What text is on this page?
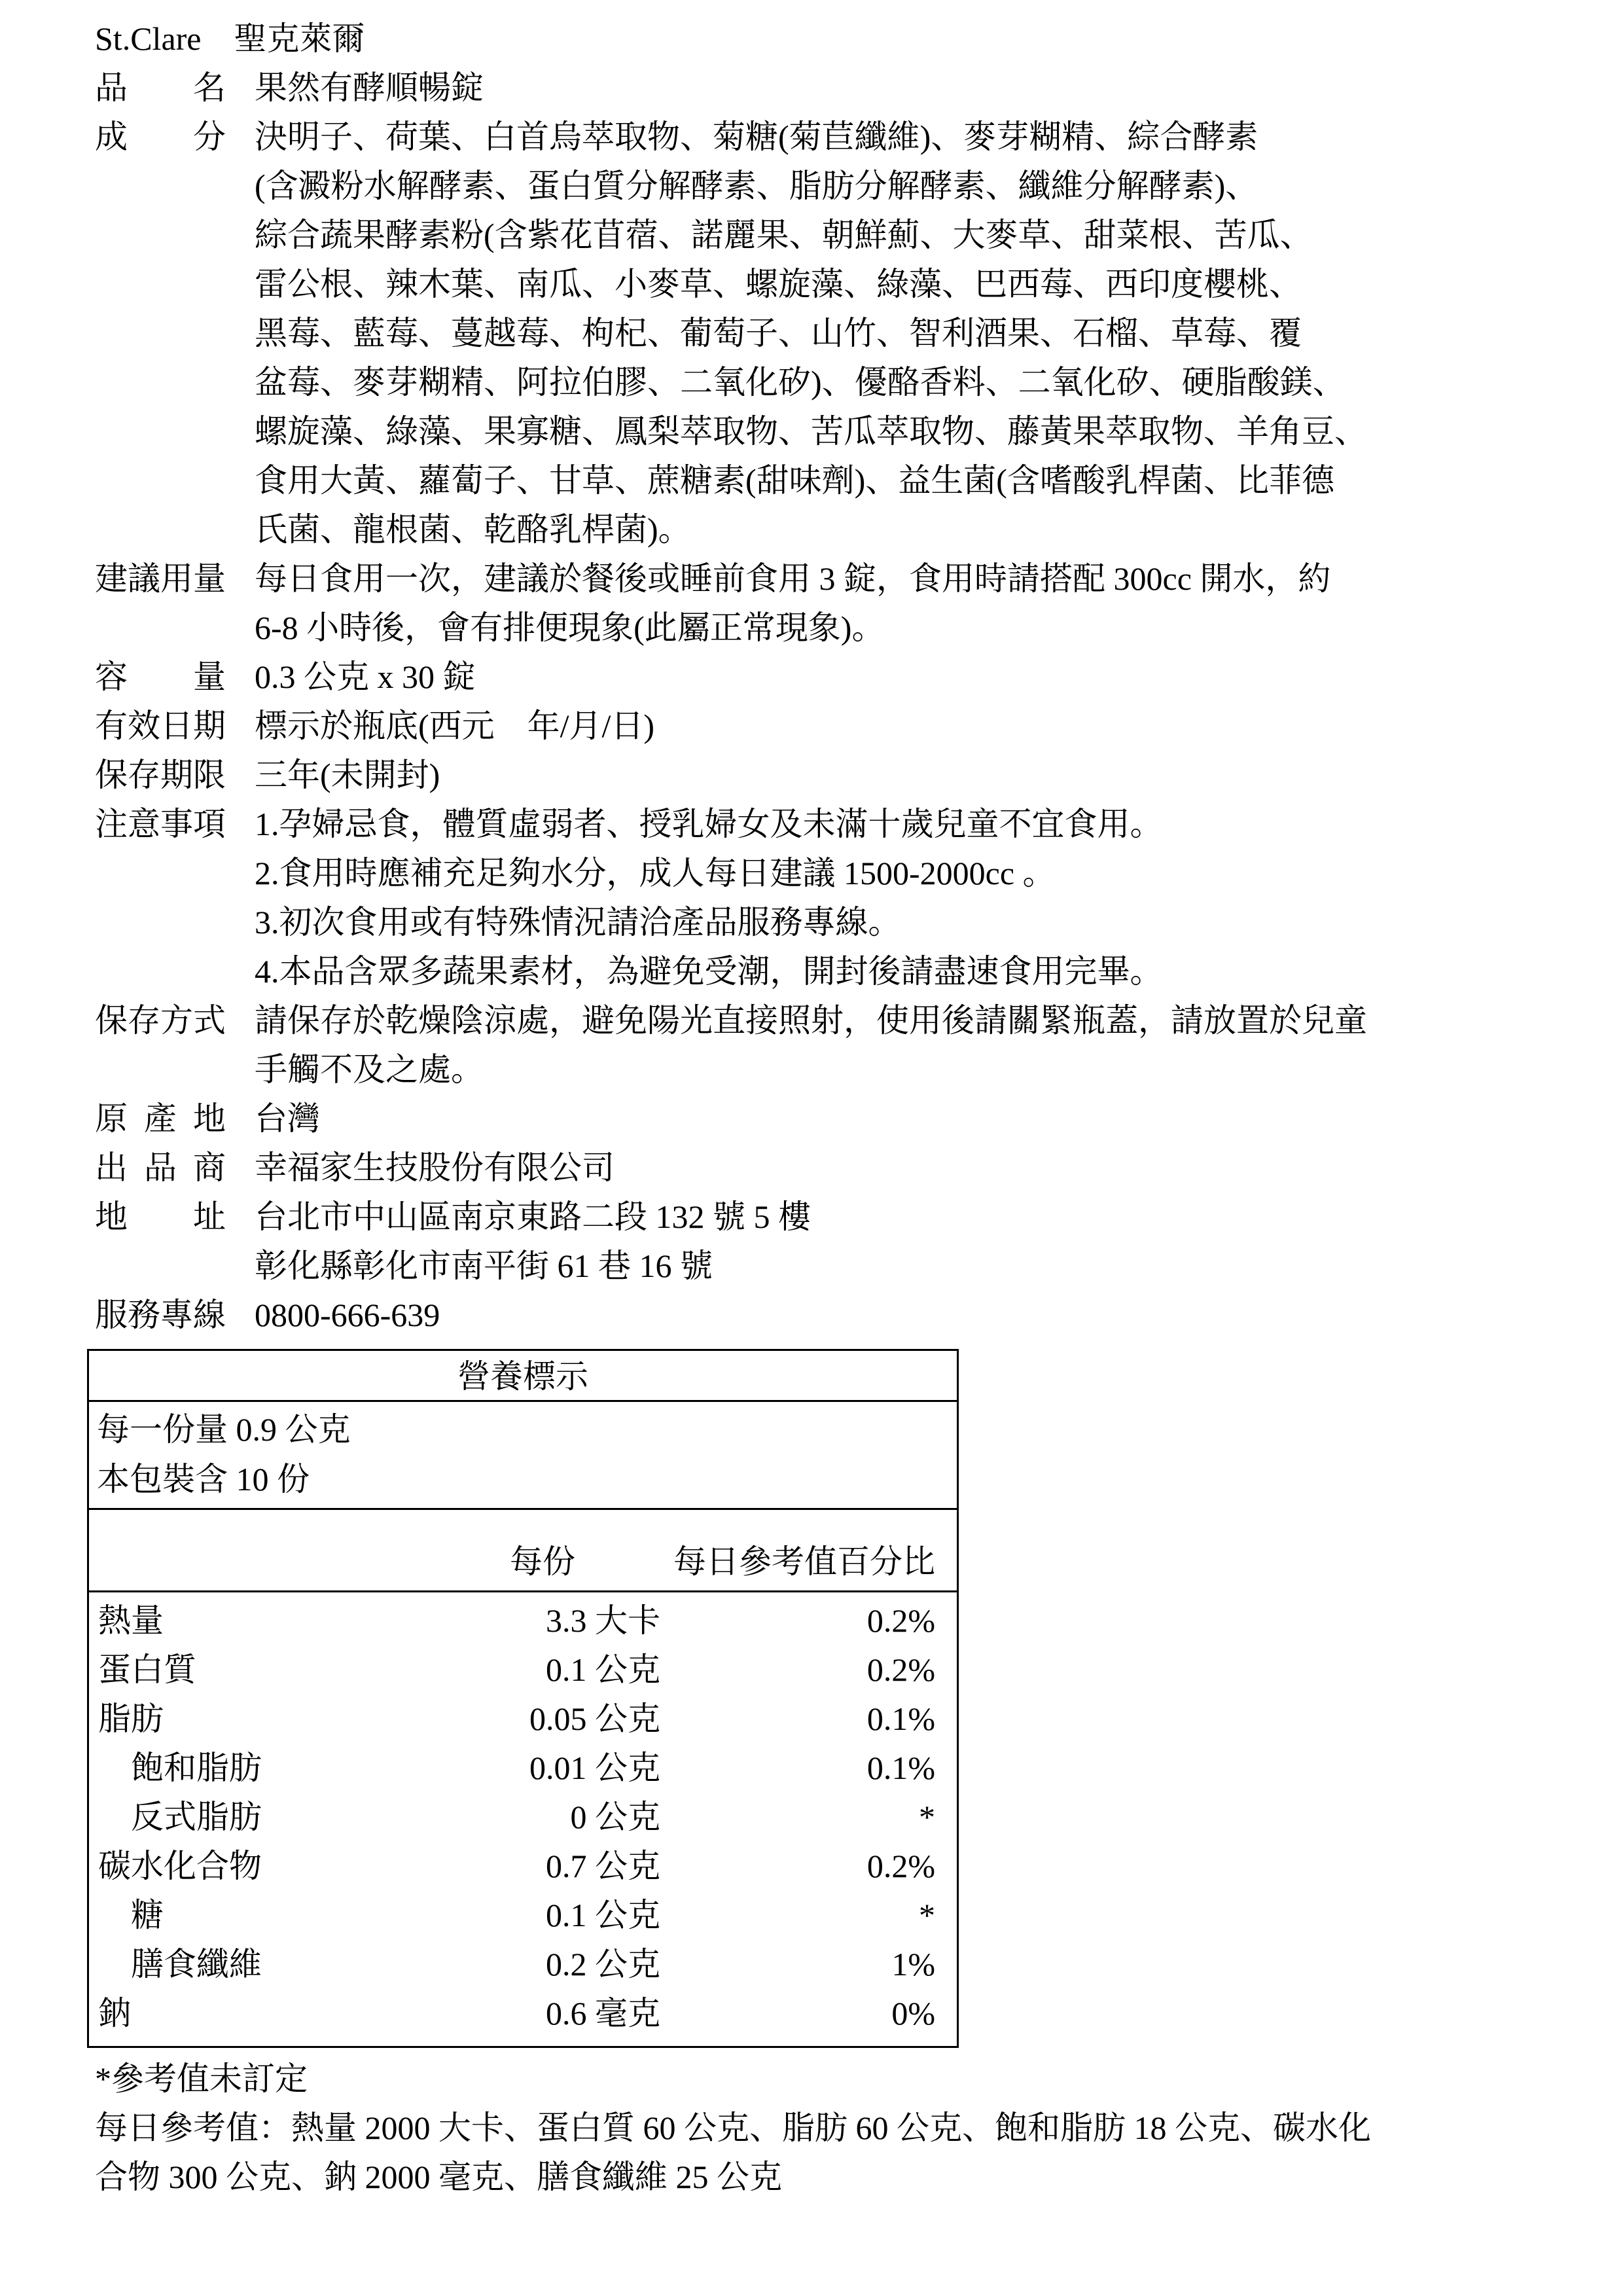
St.Clare　聖克萊爾
品名 果然有酵順暢錠
成分 決明子、荷葉、白首烏萃取物、菊糖(菊苣纖維)、麥芽糊精、綜合酵素
(含澱粉水解酵素、蛋白質分解酵素、脂肪分解酵素、纖維分解酵素)、
綜合蔬果酵素粉(含紫花苜蓿、諾麗果、朝鮮薊、大麥草、甜菜根、苦瓜、
雷公根、辣木葉、南瓜、小麥草、螺旋藻、綠藻、巴西莓、西印度櫻桃、
黑莓、藍莓、蔓越莓、枸杞、葡萄子、山竹、智利酒果、石榴、草莓、覆
盆莓、麥芽糊精、阿拉伯膠、二氧化矽)、優酪香料、二氧化矽、硬脂酸鎂、
螺旋藻、綠藻、果寡糖、鳳梨萃取物、苦瓜萃取物、藤黃果萃取物、羊角豆、
食用大黃、蘿蔔子、甘草、蔗糖素(甜味劑)、益生菌(含嗜酸乳桿菌、比菲德
氏菌、龍根菌、乾酪乳桿菌)。
建議用量 每日食用一次，建議於餐後或睡前食用 3 錠，食用時請搭配 300cc 開水，約
6-8 小時後，會有排便現象(此屬正常現象)。
容量 0.3 公克 x 30 錠
有效日期 標示於瓶底(西元　年/月/日)
保存期限 三年(未開封)
注意事項 1.孕婦忌食，體質虛弱者、授乳婦女及未滿十歲兒童不宜食用。
2.食用時應補充足夠水分，成人每日建議 1500-2000cc 。
3.初次食用或有特殊情況請洽產品服務專線。
4.本品含眾多蔬果素材，為避免受潮，開封後請盡速食用完畢。
保存方式 請保存於乾燥陰涼處，避免陽光直接照射，使用後請關緊瓶蓋，請放置於兒童
手觸不及之處。
原產地 台灣
出品商 幸福家生技股份有限公司
地址 台北市中山區南京東路二段 132 號 5 樓
彰化縣彰化市南平街 61 巷 16 號
服務專線 0800-666-639
營養標示
每一份量 0.9 公克
本包裝含 10 份
每份	每日參考值百分比
熱量	3.3 大卡	0.2%
蛋白質	0.1 公克	0.2%
脂肪	0.05 公克	0.1%
飽和脂肪	0.01 公克	0.1%
反式脂肪	0 公克	*
碳水化合物	0.7 公克	0.2%
糖	0.1 公克	*
膳食纖維	0.2 公克	1%
鈉	0.6 毫克	0%
*參考值未訂定
每日參考值：熱量 2000 大卡、蛋白質 60 公克、脂肪 60 公克、飽和脂肪 18 公克、碳水化
合物 300 公克、鈉 2000 毫克、膳食纖維 25 公克
